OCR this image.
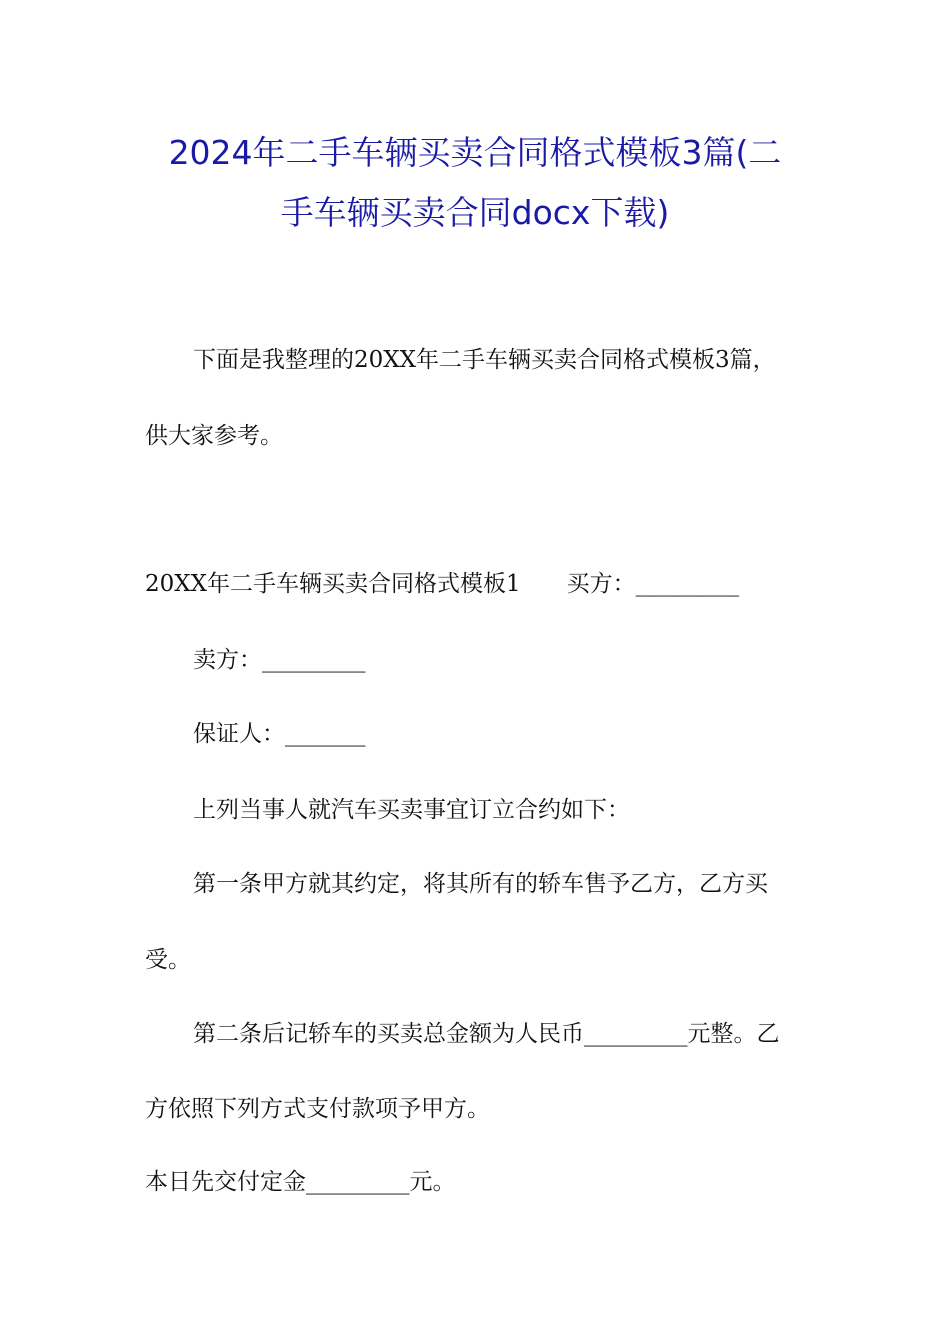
2024年二手车辆买卖合同格式模板3篇(二
手车辆买卖合同docx下载)
下面是我整理的20XX年二手车辆买卖合同格式模板3篇，
供大家参考。
20XX年二手车辆买卖合同格式模板1 买方：_________
卖方：_________
保证人：_______
上列当事人就汽车买卖事宜订立合约如下：
第一条甲方就其约定，将其所有的轿车售予乙方，乙方买
受。
第二条后记轿车的买卖总金额为人民币_________元整。乙
方依照下列方式支付款项予甲方。
本日先交付定金_________元。
